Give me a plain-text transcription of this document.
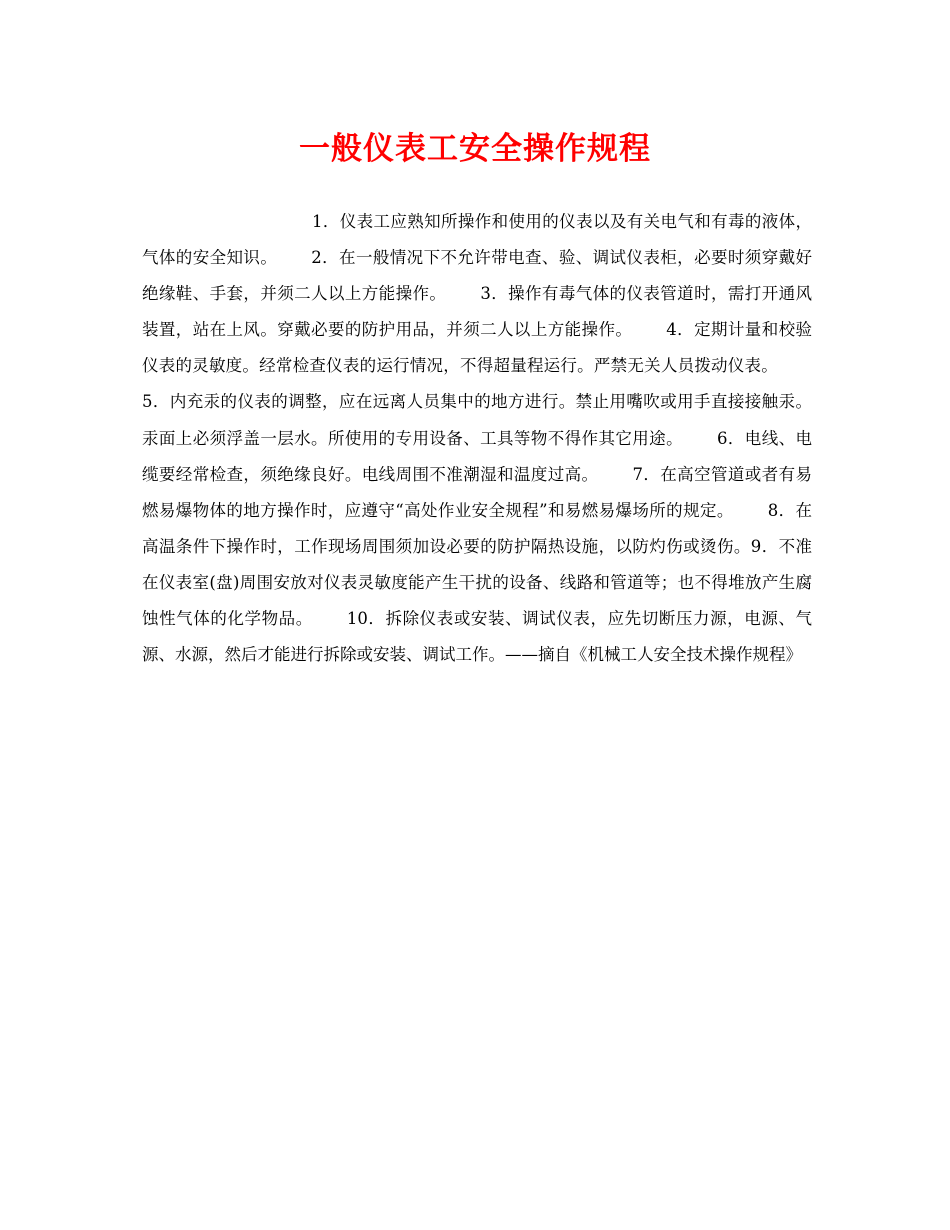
一般仪表工安全操作规程

1．仪表工应熟知所操作和使用的仪表以及有关电气和有毒的液体，气体的安全知识。 2．在一般情况下不允许带电查、验、调试仪表柜，必要时须穿戴好绝缘鞋、手套，并须二人以上方能操作。 3．操作有毒气体的仪表管道时，需打开通风装置，站在上风。穿戴必要的防护用品，并须二人以上方能操作。 4．定期计量和校验仪表的灵敏度。经常检查仪表的运行情况，不得超量程运行。严禁无关人员拨动仪表。5．内充汞的仪表的调整，应在远离人员集中的地方进行。禁止用嘴吹或用手直接接触汞。汞面上必须浮盖一层水。所使用的专用设备、工具等物不得作其它用途。 6．电线、电缆要经常检查，须绝缘良好。电线周围不准潮湿和温度过高。 7．在高空管道或者有易燃易爆物体的地方操作时，应遵守“高处作业安全规程”和易燃易爆场所的规定。 8．在高温条件下操作时，工作现场周围须加设必要的防护隔热设施，以防灼伤或烫伤。9．不准在仪表室(盘)周围安放对仪表灵敏度能产生干扰的设备、线路和管道等；也不得堆放产生腐蚀性气体的化学物品。 10．拆除仪表或安装、调试仪表，应先切断压力源，电源、气源、水源，然后才能进行拆除或安装、调试工作。——摘自《机械工人安全技术操作规程》
